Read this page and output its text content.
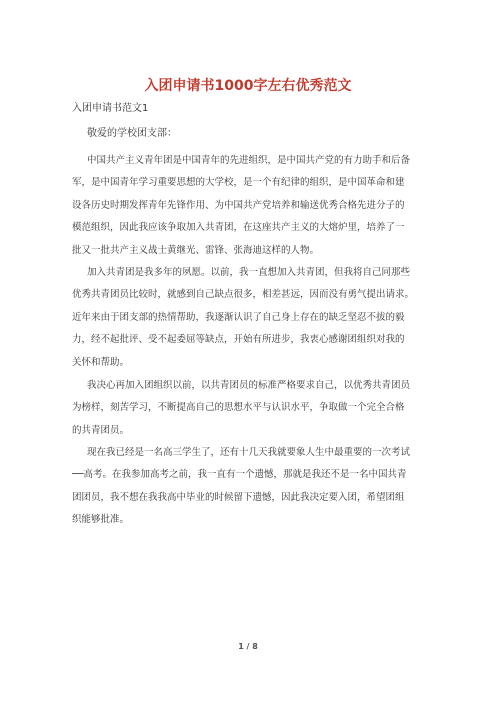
入团申请书1000字左右优秀范文
入团申请书范文1
敬爱的学校团支部：
中国共产主义青年团是中国青年的先进组织，是中国共产党的有力助手和后备
军，是中国青年学习重要思想的大学校，是一个有纪律的组织，是中国革命和建
设各历史时期发挥青年先锋作用、为中国共产党培养和输送优秀合格先进分子的
模范组织，因此我应该争取加入共青团，在这座共产主义的大熔炉里，培养了一
批又一批共产主义战士黄继光、雷锋、张海迪这样的人物。
加入共青团是我多年的夙愿。以前，我一直想加入共青团，但我将自己同那些
优秀共青团员比较时，就感到自己缺点很多，相差甚远，因而没有勇气提出请求。
近年来由于团支部的热情帮助，我逐渐认识了自己身上存在的缺乏坚忍不拔的毅
力，经不起批评、受不起委屈等缺点，开始有所进步，我衷心感谢团组织对我的
关怀和帮助。
我决心再加入团组织以前，以共青团员的标准严格要求自己，以优秀共青团员
为榜样，刻苦学习，不断提高自己的思想水平与认识水平，争取做一个完全合格
的共青团员。
现在我已经是一名高三学生了，还有十几天我就要象人生中最重要的一次考试
──高考。在我参加高考之前，我一直有一个遗憾，那就是我还不是一名中国共青
团团员，我不想在我我高中毕业的时候留下遗憾，因此我决定要入团，希望团组
织能够批准。
1 / 8
